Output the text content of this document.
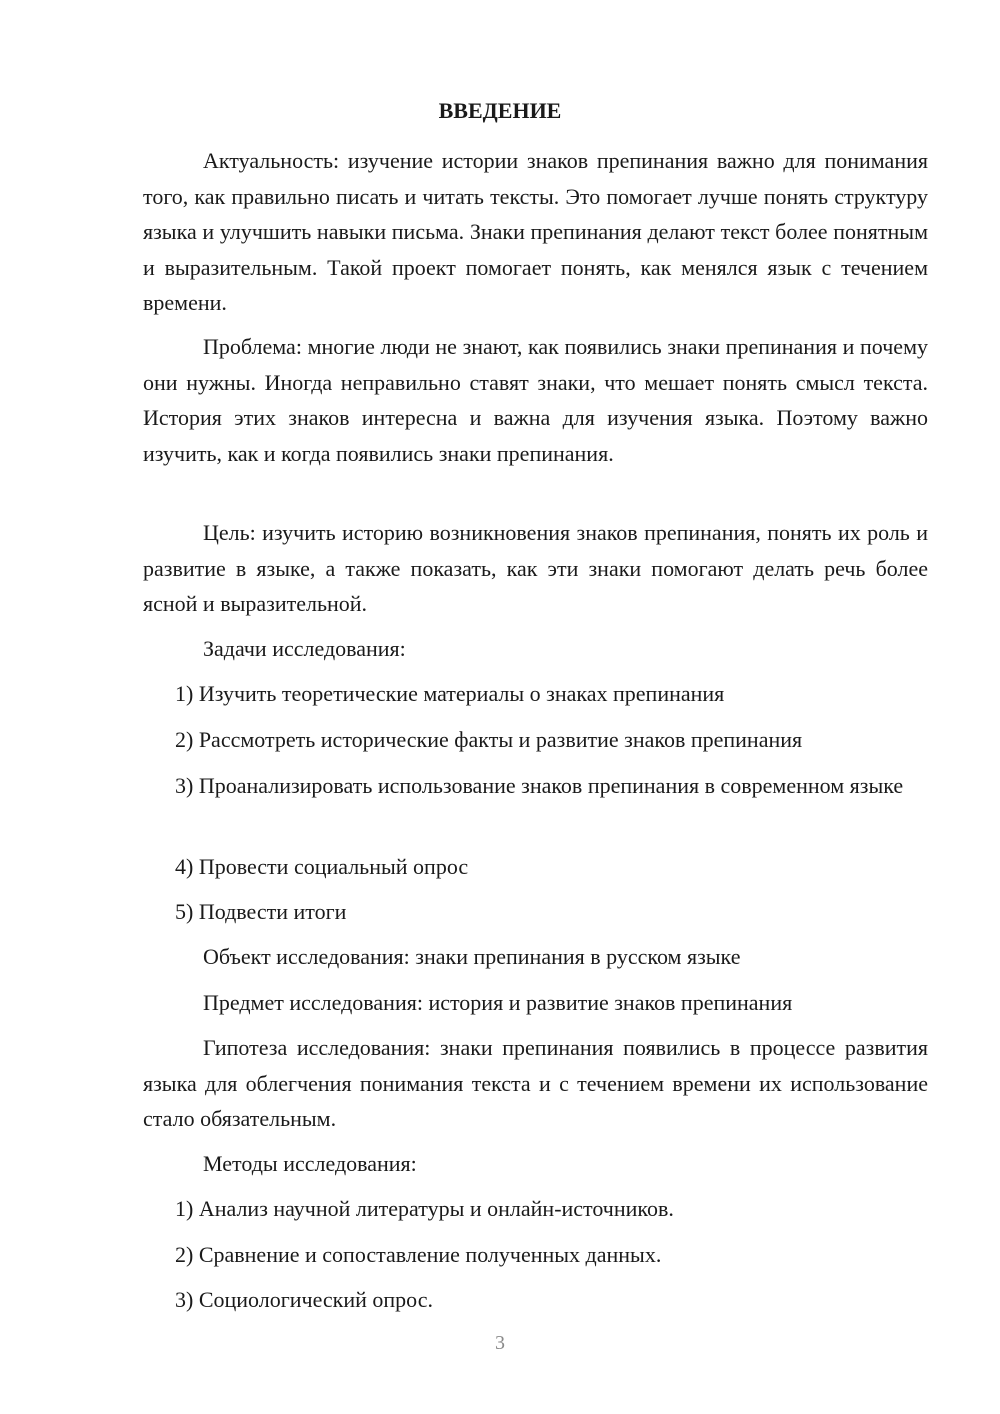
ВВЕДЕНИЕ

Актуальность: изучение истории знаков препинания важно для понимания того, как правильно писать и читать тексты. Это помогает лучше понять структуру языка и улучшить навыки письма. Знаки препинания делают текст более понятным и выразительным. Такой проект помогает понять, как менялся язык с течением времени.

Проблема: многие люди не знают, как появились знаки препинания и почему они нужны. Иногда неправильно ставят знаки, что мешает понять смысл текста. История этих знаков интересна и важна для изучения языка. Поэтому важно изучить, как и когда появились знаки препинания.

Цель: изучить историю возникновения знаков препинания, понять их роль и развитие в языке, а также показать, как эти знаки помогают делать речь более ясной и выразительной.

Задачи исследования:

1) Изучить теоретические материалы о знаках препинания

2) Рассмотреть исторические факты и развитие знаков препинания

3) Проанализировать использование знаков препинания в современном языке

4) Провести социальный опрос

5) Подвести итоги

Объект исследования: знаки препинания в русском языке

Предмет исследования: история и развитие знаков препинания

Гипотеза исследования: знаки препинания появились в процессе развития языка для облегчения понимания текста и с течением времени их использование стало обязательным.

Методы исследования:

1) Анализ научной литературы и онлайн-источников.

2) Сравнение и сопоставление полученных данных.

3) Социологический опрос.

3
